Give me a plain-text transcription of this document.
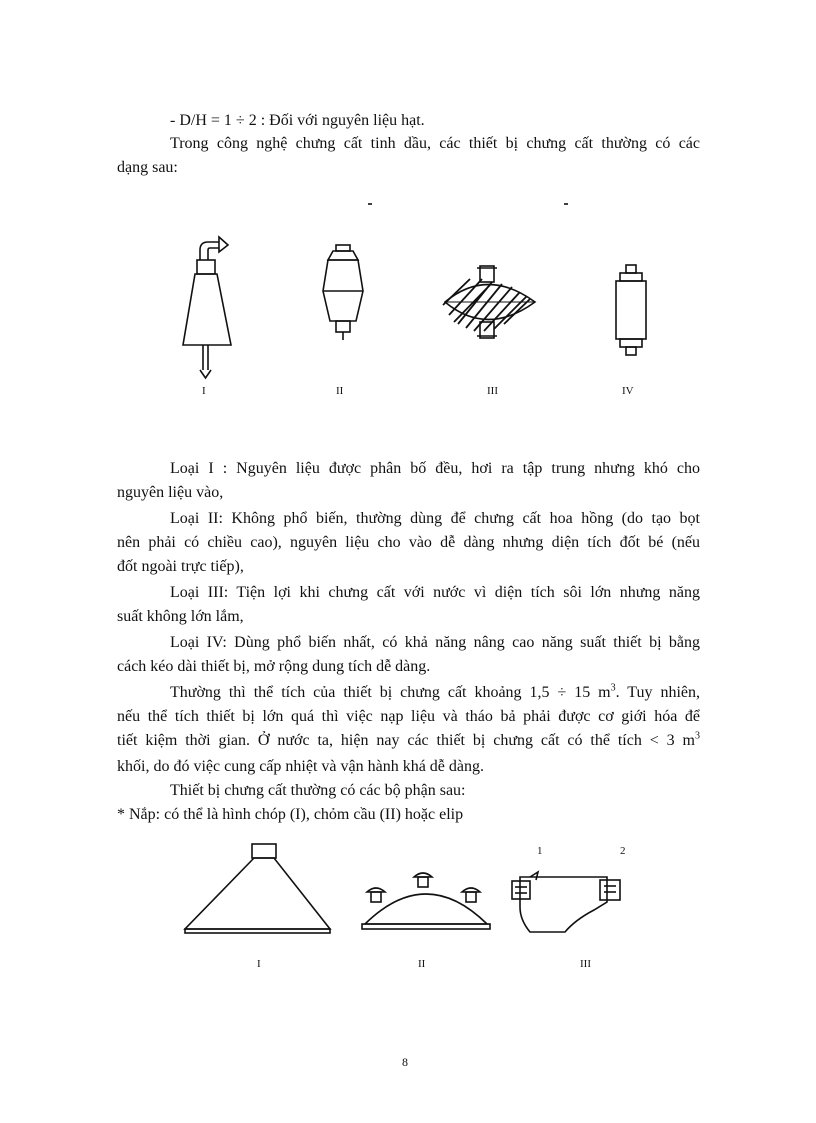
- D/H = 1 ÷ 2 : Đối với nguyên liệu hạt.
Trong công nghệ chưng cất tinh dầu, các thiết bị chưng cất thường có các
dạng sau:
I	II	III	IV
Loại I : Nguyên liệu được phân bố đều, hơi ra tập trung nhưng khó cho
nguyên liệu vào,
Loại II: Không phổ biến, thường dùng để chưng cất hoa hồng (do tạo bọt
nên phải có chiều cao), nguyên liệu cho vào dễ dàng nhưng diện tích đốt bé (nếu
đốt ngoài trực tiếp),
Loại III: Tiện lợi khi chưng cất với nước vì diện tích sôi lớn nhưng năng
suất không lớn lắm,
Loại IV: Dùng phổ biến nhất, có khả năng nâng cao năng suất thiết bị bằng
cách kéo dài thiết bị, mở rộng dung tích dễ dàng.
Thường thì thể tích của thiết bị chưng cất khoảng 1,5 ÷ 15 $m^3$. Tuy nhiên,
nếu thể tích thiết bị lớn quá thì việc nạp liệu và tháo bả phải được cơ giới hóa để
tiết kiệm thời gian. Ở nước ta, hiện nay các thiết bị chưng cất có thể tích < 3 $m^3$
khối, do đó việc cung cấp nhiệt và vận hành khá dễ dàng.
Thiết bị chưng cất thường có các bộ phận sau:
* Nắp: có thể là hình chóp (I), chỏm cầu (II) hoặc elip
1	2
I	II	III
8
